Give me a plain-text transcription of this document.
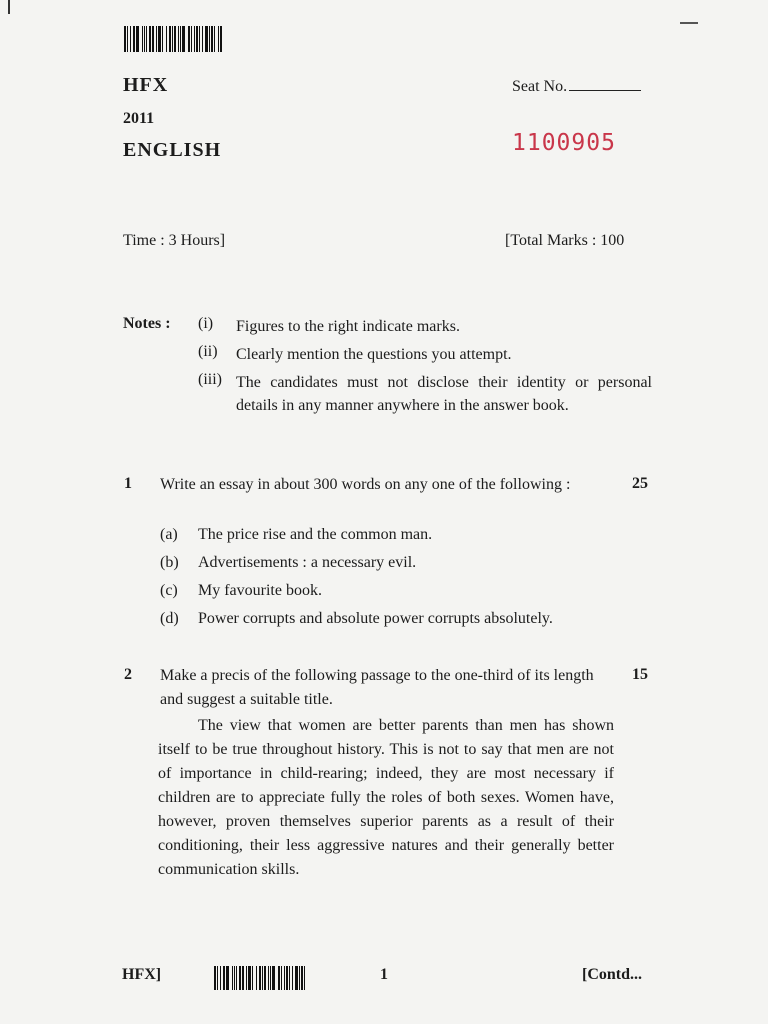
HFX	Seat No.
2011
ENGLISH	1100905
Time : 3 Hours]	[Total Marks : 100
Notes : (i) Figures to the right indicate marks.
(ii) Clearly mention the questions you attempt.
(iii) The candidates must not disclose their identity or personal details in any manner anywhere in the answer book.
1 Write an essay in about 300 words on any one of the following :	25
(a) The price rise and the common man.
(b) Advertisements : a necessary evil.
(c) My favourite book.
(d) Power corrupts and absolute power corrupts absolutely.
2 Make a precis of the following passage to the one-third of its length and suggest a suitable title.
15
The view that women are better parents than men has shown itself to be true throughout history. This is not to say that men are not of importance in child-rearing; indeed, they are most necessary if children are to appreciate fully the roles of both sexes. Women have, however, proven themselves superior parents as a result of their conditioning, their less aggressive natures and their generally better communication skills.
HFX]	1	[Contd...
